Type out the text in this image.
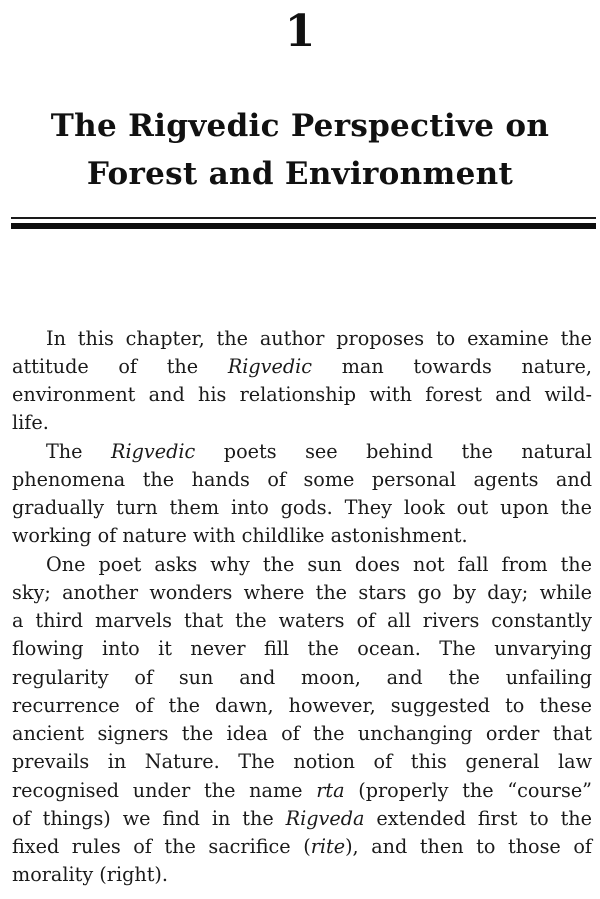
1
The Rigvedic Perspective on
Forest and Environment
In this chapter, the author proposes to examine the
attitude of the Rigvedic man towards nature,
environment and his relationship with forest and wild-
life.
The Rigvedic poets see behind the natural
phenomena the hands of some personal agents and
gradually turn them into gods. They look out upon the
working of nature with childlike astonishment.
One poet asks why the sun does not fall from the
sky; another wonders where the stars go by day; while
a third marvels that the waters of all rivers constantly
flowing into it never fill the ocean. The unvarying
regularity of sun and moon, and the unfailing
recurrence of the dawn, however, suggested to these
ancient signers the idea of the unchanging order that
prevails in Nature. The notion of this general law
recognised under the name rta (properly the “course”
of things) we find in the Rigveda extended first to the
fixed rules of the sacrifice (rite), and then to those of
morality (right).
